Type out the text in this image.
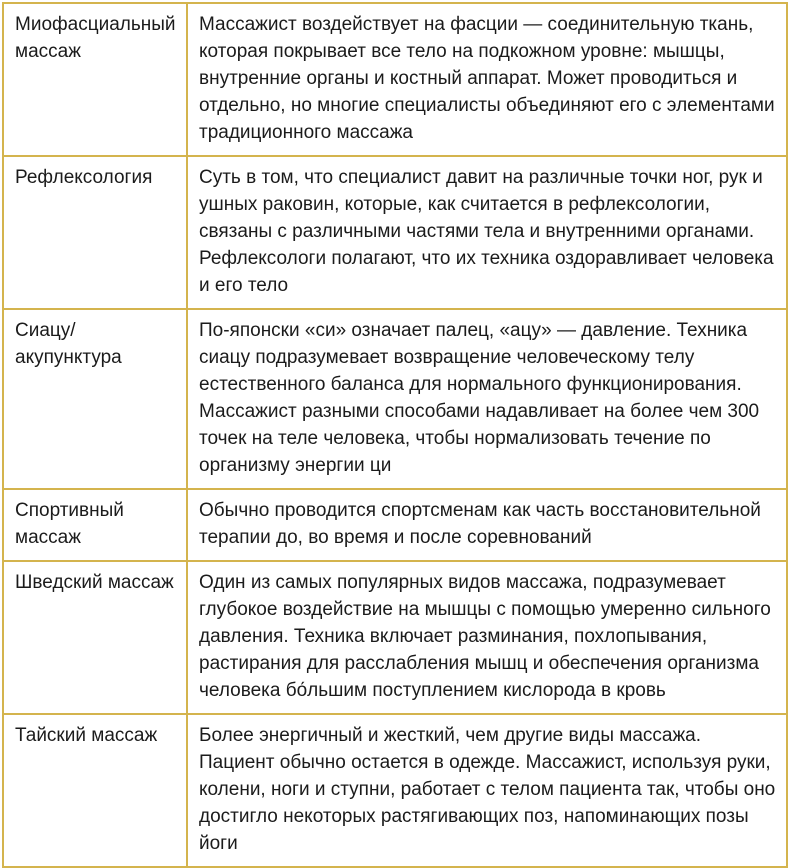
Миофасциальный массаж	Массажист воздействует на фасции — соединительную ткань, которая покрывает все тело на подкожном уровне: мышцы, внутренние органы и костный аппарат. Может проводиться и отдельно, но многие специалисты объединяют его с элементами традиционного массажа
Рефлексология	Суть в том, что специалист давит на различные точки ног, рук и ушных раковин, которые, как считается в рефлексологии, связаны с различными частями тела и внутренними органами. Рефлексологи полагают, что их техника оздоравливает человека и его тело
Сиацу/акупунктура	По-японски «си» означает палец, «ацу» — давление. Техника сиацу подразумевает возвращение человеческому телу естественного баланса для нормального функционирования. Массажист разными способами надавливает на более чем 300 точек на теле человека, чтобы нормализовать течение по организму энергии ци
Спортивный массаж	Обычно проводится спортсменам как часть восстановительной терапии до, во время и после соревнований
Шведский массаж	Один из самых популярных видов массажа, подразумевает глубокое воздействие на мышцы с помощью умеренно сильного давления. Техника включает разминания, похлопывания, растирания для расслабления мышц и обеспечения организма человека бо́льшим поступлением кислорода в кровь
Тайский массаж	Более энергичный и жесткий, чем другие виды массажа. Пациент обычно остается в одежде. Массажист, используя руки, колени, ноги и ступни, работает с телом пациента так, чтобы оно достигло некоторых растягивающих поз, напоминающих позы йоги
